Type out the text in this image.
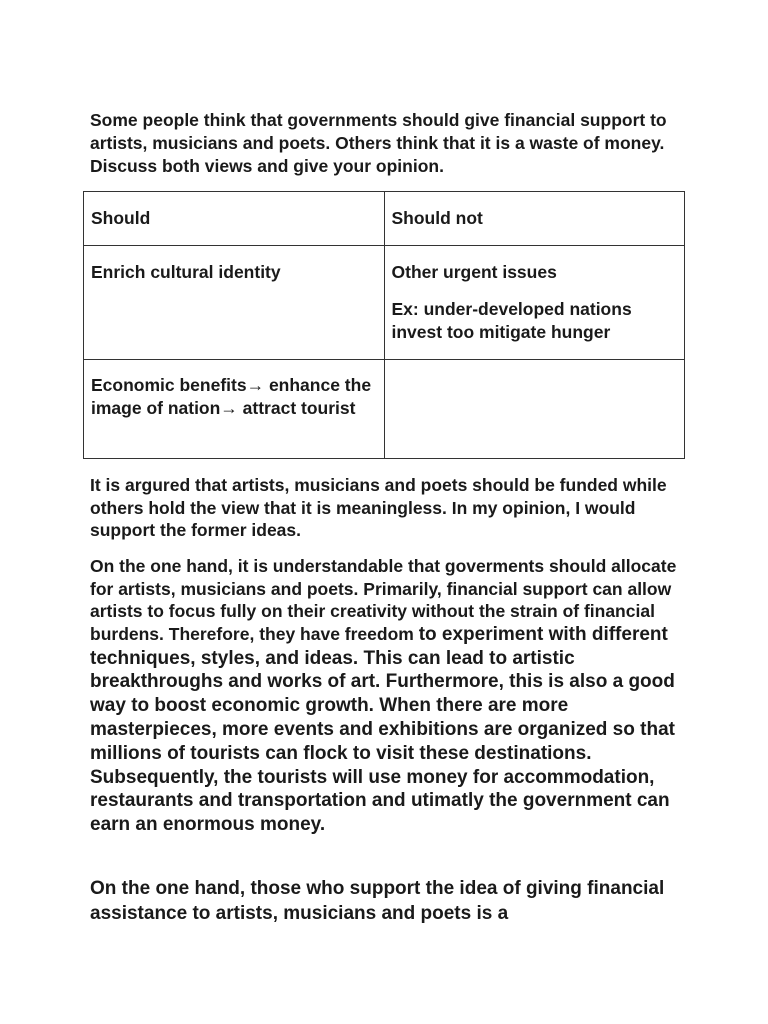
Some people think that governments should give financial support to artists, musicians and poets. Others think that it is a waste of money. Discuss both views and give your opinion.

Should	Should not

Enrich cultural identity	Other urgent issues
Ex: under-developed nations invest too mitigate hunger

Economic benefits→ enhance the image of nation→ attract tourist	

It is argured that artists, musicians and poets should be funded while others hold the view that it is meaningless. In my opinion, I would support the former ideas.

On the one hand, it is understandable that goverments should allocate for artists, musicians and poets. Primarily, financial support can allow artists to focus fully on their creativity without the strain of financial burdens. Therefore, they have freedom to experiment with different techniques, styles, and ideas. This can lead to artistic breakthroughs and works of art. Furthermore, this is also a good way to boost economic growth. When there are more masterpieces, more events and exhibitions are organized so that millions of tourists can flock to visit these destinations. Subsequently, the tourists will use money for accommodation, restaurants and transportation and utimatly the government can earn an enormous money.

On the one hand, those who support the idea of giving financial assistance to artists, musicians and poets is a
